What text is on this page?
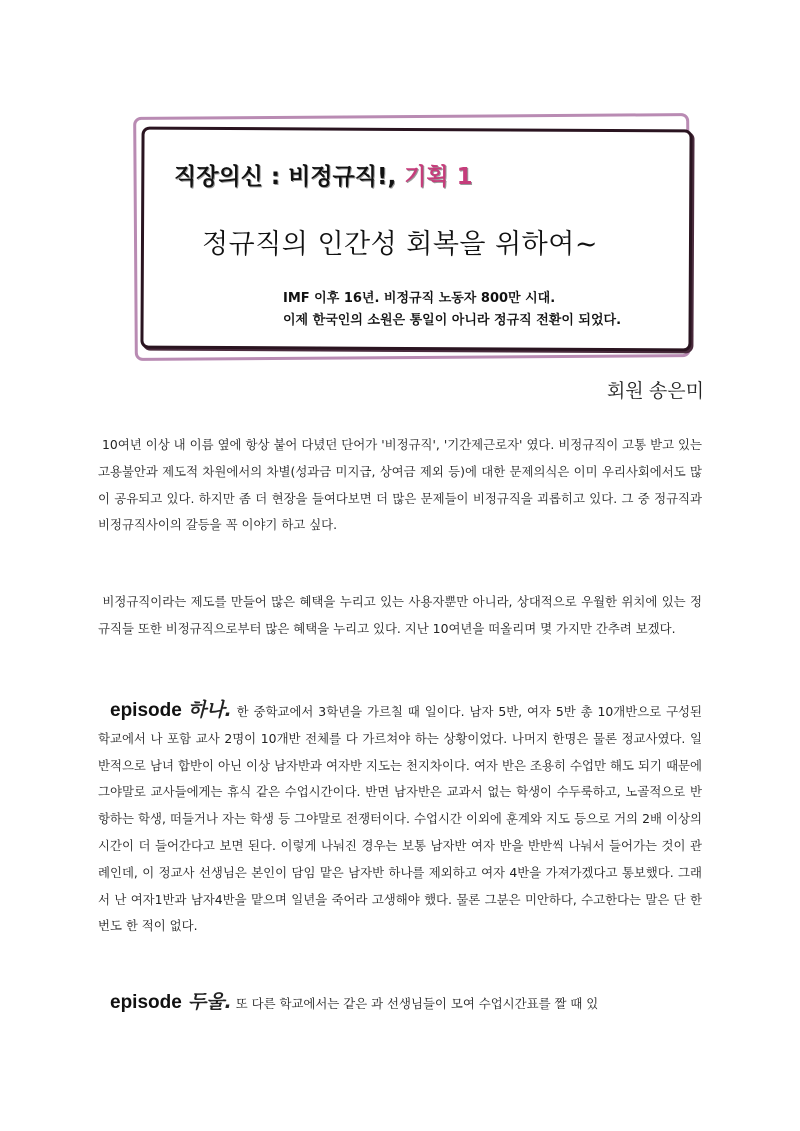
직장의신 : 비정규직!, 기획 1
정규직의 인간성 회복을 위하여~
IMF 이후 16년. 비정규직 노동자 800만 시대.
이제 한국인의 소원은 통일이 아니라 정규직 전환이 되었다.
회원 송은미

10여년 이상 내 이름 옆에 항상 붙어 다녔던 단어가 '비정규직', '기간제근로자' 였다. 비정규직이 고통 받고 있는 고용불안과 제도적 차원에서의 차별(성과금 미지급, 상여금 제외 등)에 대한 문제의식은 이미 우리사회에서도 많이 공유되고 있다. 하지만 좀 더 현장을 들여다보면 더 많은 문제들이 비정규직을 괴롭히고 있다. 그 중 정규직과 비정규직사이의 갈등을 꼭 이야기 하고 싶다.

비정규직이라는 제도를 만들어 많은 혜택을 누리고 있는 사용자뿐만 아니라, 상대적으로 우월한 위치에 있는 정규직들 또한 비정규직으로부터 많은 혜택을 누리고 있다. 지난 10여년을 떠올리며 몇 가지만 간추려 보겠다.

episode 하나. 한 중학교에서 3학년을 가르칠 때 일이다. 남자 5반, 여자 5반 총 10개반으로 구성된 학교에서 나 포함 교사 2명이 10개반 전체를 다 가르쳐야 하는 상황이었다. 나머지 한명은 물론 정교사였다. 일반적으로 남녀 합반이 아닌 이상 남자반과 여자반 지도는 천지차이다. 여자 반은 조용히 수업만 해도 되기 때문에 그야말로 교사들에게는 휴식 같은 수업시간이다. 반면 남자반은 교과서 없는 학생이 수두룩하고, 노골적으로 반항하는 학생, 떠들거나 자는 학생 등 그야말로 전쟁터이다. 수업시간 이외에 훈계와 지도 등으로 거의 2배 이상의 시간이 더 들어간다고 보면 된다. 이렇게 나눠진 경우는 보통 남자반 여자 반을 반반씩 나눠서 들어가는 것이 관례인데, 이 정교사 선생님은 본인이 담임 맡은 남자반 하나를 제외하고 여자 4반을 가져가겠다고 통보했다. 그래서 난 여자1반과 남자4반을 맡으며 일년을 죽어라 고생해야 했다. 물론 그분은 미안하다, 수고한다는 말은 단 한번도 한 적이 없다.

episode 두울. 또 다른 학교에서는 같은 과 선생님들이 모여 수업시간표를 짤 때 있
